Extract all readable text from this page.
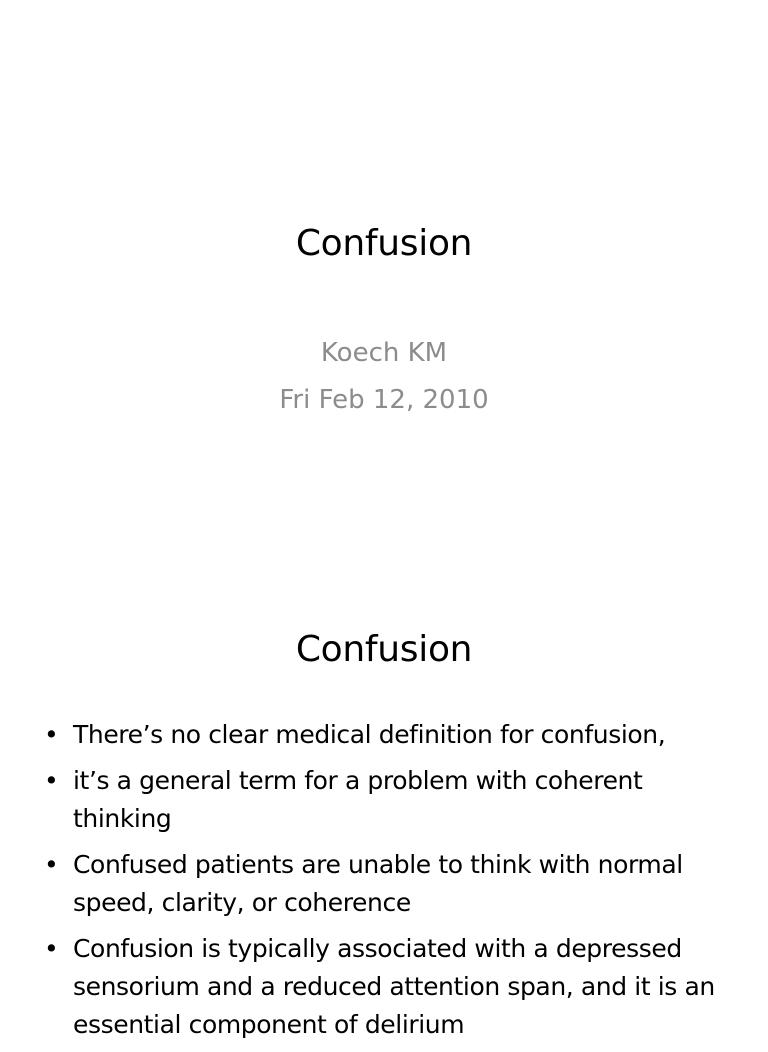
Confusion
Koech KM
Fri Feb 12, 2010
Confusion
• There’s no clear medical definition for confusion,
• it’s a general term for a problem with coherent thinking
• Confused patients are unable to think with normal speed, clarity, or coherence
• Confusion is typically associated with a depressed sensorium and a reduced attention span, and it is an essential component of delirium
